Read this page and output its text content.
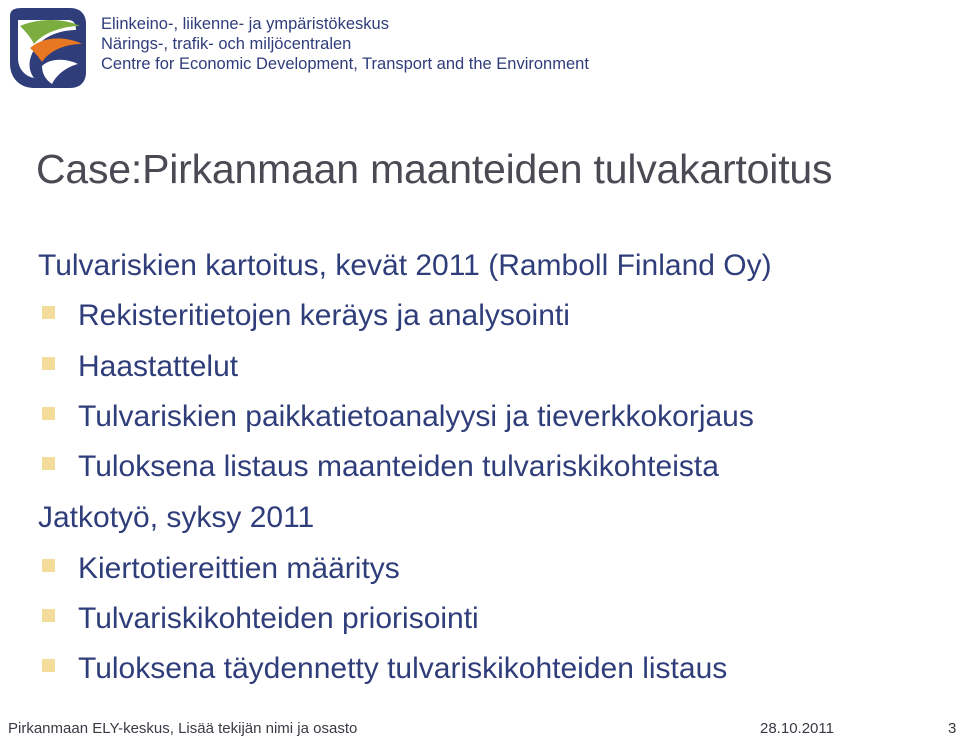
Elinkeino-, liikenne- ja ympäristökeskus
Närings-, trafik- och miljöcentralen
Centre for Economic Development, Transport and the Environment
Case:Pirkanmaan maanteiden tulvakartoitus
Tulvariskien kartoitus, kevät 2011 (Ramboll Finland Oy)
Rekisteritietojen keräys ja analysointi
Haastattelut
Tulvariskien paikkatietoanalyysi ja tieverkkokorjaus
Tuloksena listaus maanteiden tulvariskikohteista
Jatkotyö, syksy 2011
Kiertotiereittien määritys
Tulvariskikohteiden priorisointi
Tuloksena täydennetty tulvariskikohteiden listaus
Pirkanmaan ELY-keskus, Lisää tekijän nimi ja osasto	28.10.2011	3
